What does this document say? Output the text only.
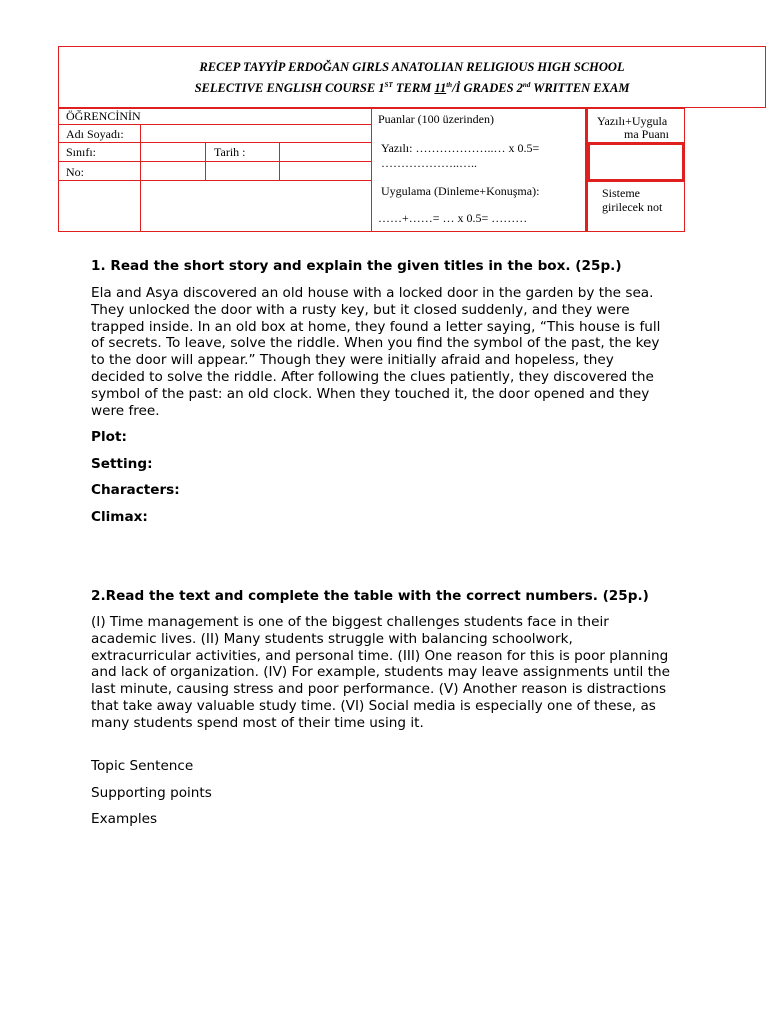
RECEP TAYYİP ERDOĞAN GIRLS ANATOLIAN RELIGIOUS HIGH SCHOOL
SELECTIVE ENGLISH COURSE 1ST TERM 11th/İ GRADES 2nd WRITTEN EXAM
ÖĞRENCİNİN
Adı Soyadı:
Sınıfı:	Tarih :
No:
Puanlar (100 üzerinden)
Yazılı: ………………..… x 0.5=
………………..…..
Uygulama (Dinleme+Konuşma):
……+……= … x 0.5= ………
Yazılı+Uygula
ma Puanı
Sisteme
girilecek not
1. Read the short story and explain the given titles in the box. (25p.)

Ela and Asya discovered an old house with a locked door in the garden by the sea. They unlocked the door with a rusty key, but it closed suddenly, and they were trapped inside. In an old box at home, they found a letter saying, “This house is full of secrets. To leave, solve the riddle. When you find the symbol of the past, the key to the door will appear.” Though they were initially afraid and hopeless, they decided to solve the riddle. After following the clues patiently, they discovered the symbol of the past: an old clock. When they touched it, the door opened and they were free.

Plot:
Setting:
Characters:
Climax:
2.Read the text and complete the table with the correct numbers. (25p.)

(I) Time management is one of the biggest challenges students face in their academic lives. (II) Many students struggle with balancing schoolwork, extracurricular activities, and personal time. (III) One reason for this is poor planning and lack of organization. (IV) For example, students may leave assignments until the last minute, causing stress and poor performance. (V) Another reason is distractions that take away valuable study time. (VI) Social media is especially one of these, as many students spend most of their time using it.

Topic Sentence
Supporting points
Examples
